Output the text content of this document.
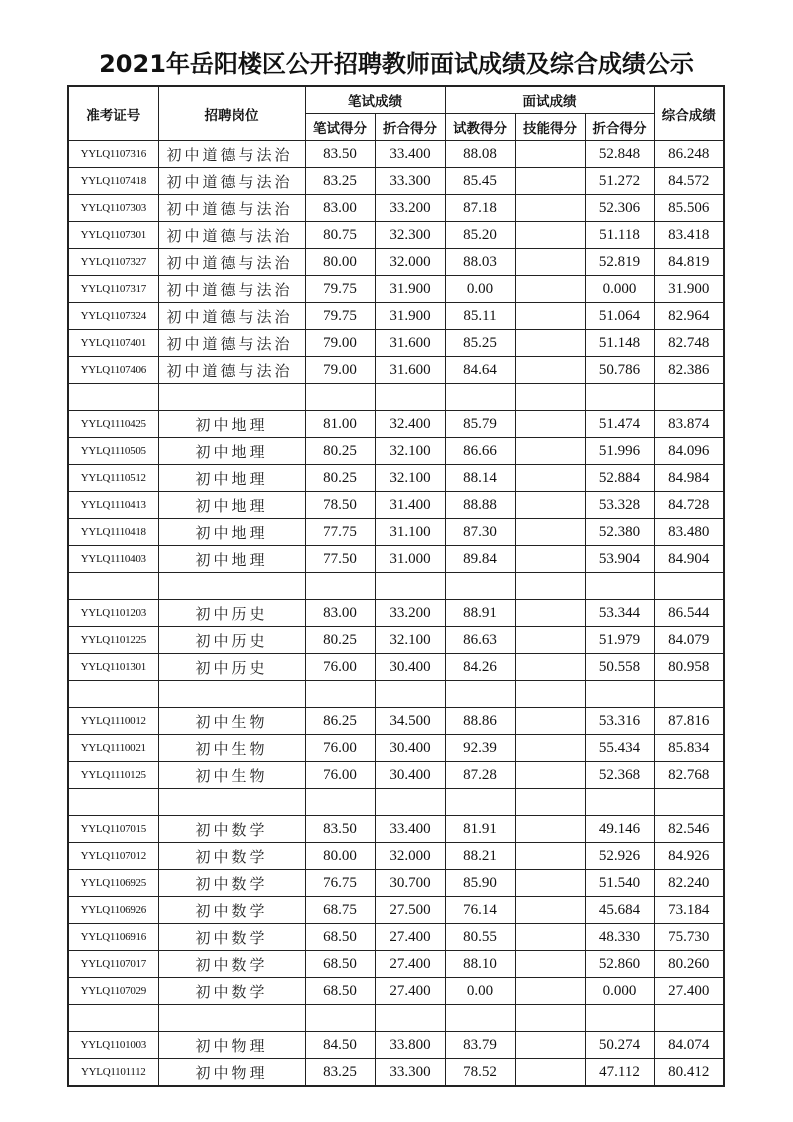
2021年岳阳楼区公开招聘教师面试成绩及综合成绩公示
准考证号	招聘岗位	笔试成绩		面试成绩			综合成绩
		笔试得分	折合得分	试教得分	技能得分	折合得分	
YYLQ1107316	初中道德与法治	83.50	33.400	88.08		52.848	86.248
YYLQ1107418	初中道德与法治	83.25	33.300	85.45		51.272	84.572
YYLQ1107303	初中道德与法治	83.00	33.200	87.18		52.306	85.506
YYLQ1107301	初中道德与法治	80.75	32.300	85.20		51.118	83.418
YYLQ1107327	初中道德与法治	80.00	32.000	88.03		52.819	84.819
YYLQ1107317	初中道德与法治	79.75	31.900	0.00		0.000	31.900
YYLQ1107324	初中道德与法治	79.75	31.900	85.11		51.064	82.964
YYLQ1107401	初中道德与法治	79.00	31.600	85.25		51.148	82.748
YYLQ1107406	初中道德与法治	79.00	31.600	84.64		50.786	82.386

YYLQ1110425	初中地理	81.00	32.400	85.79		51.474	83.874
YYLQ1110505	初中地理	80.25	32.100	86.66		51.996	84.096
YYLQ1110512	初中地理	80.25	32.100	88.14		52.884	84.984
YYLQ1110413	初中地理	78.50	31.400	88.88		53.328	84.728
YYLQ1110418	初中地理	77.75	31.100	87.30		52.380	83.480
YYLQ1110403	初中地理	77.50	31.000	89.84		53.904	84.904

YYLQ1101203	初中历史	83.00	33.200	88.91		53.344	86.544
YYLQ1101225	初中历史	80.25	32.100	86.63		51.979	84.079
YYLQ1101301	初中历史	76.00	30.400	84.26		50.558	80.958

YYLQ1110012	初中生物	86.25	34.500	88.86		53.316	87.816
YYLQ1110021	初中生物	76.00	30.400	92.39		55.434	85.834
YYLQ1110125	初中生物	76.00	30.400	87.28		52.368	82.768

YYLQ1107015	初中数学	83.50	33.400	81.91		49.146	82.546
YYLQ1107012	初中数学	80.00	32.000	88.21		52.926	84.926
YYLQ1106925	初中数学	76.75	30.700	85.90		51.540	82.240
YYLQ1106926	初中数学	68.75	27.500	76.14		45.684	73.184
YYLQ1106916	初中数学	68.50	27.400	80.55		48.330	75.730
YYLQ1107017	初中数学	68.50	27.400	88.10		52.860	80.260
YYLQ1107029	初中数学	68.50	27.400	0.00		0.000	27.400

YYLQ1101003	初中物理	84.50	33.800	83.79		50.274	84.074
YYLQ1101112	初中物理	83.25	33.300	78.52		47.112	80.412
